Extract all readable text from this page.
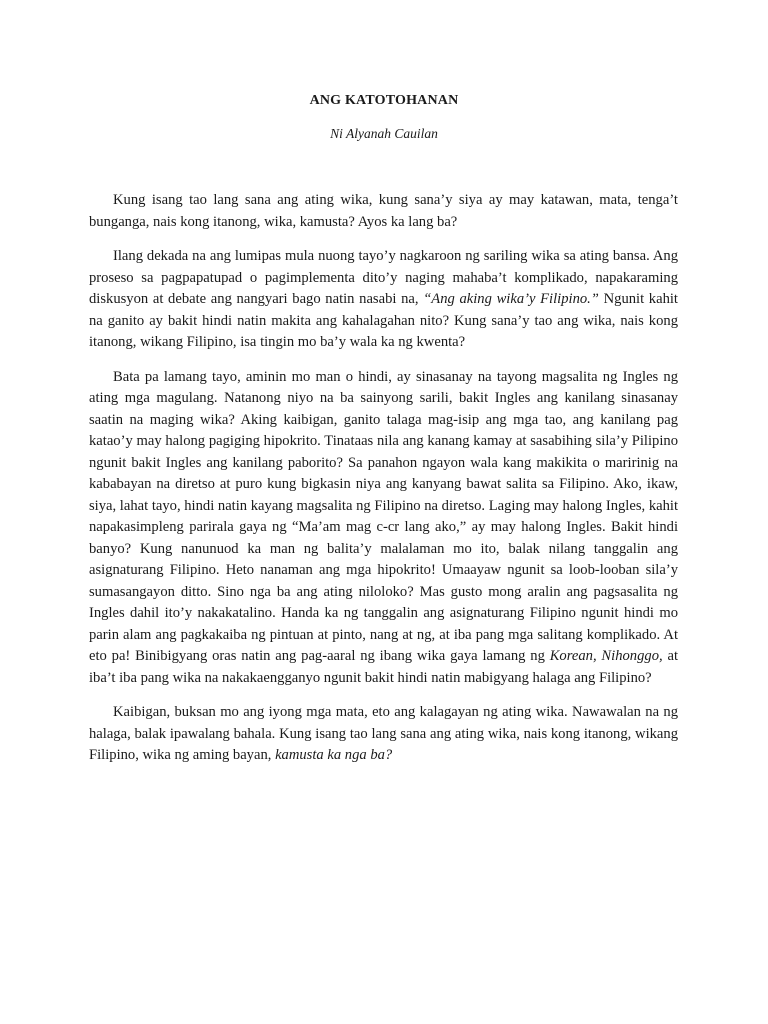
ANG KATOTOHANAN

Ni Alyanah Cauilan

Kung isang tao lang sana ang ating wika, kung sana’y siya ay may katawan, mata, tenga’t bunganga, nais kong itanong, wika, kamusta? Ayos ka lang ba?

Ilang dekada na ang lumipas mula nuong tayo’y nagkaroon ng sariling wika sa ating bansa. Ang proseso sa pagpapatupad o pagimplementa dito’y naging mahaba’t komplikado, napakaraming diskusyon at debate ang nangyari bago natin nasabi na, “Ang aking wika’y Filipino.” Ngunit kahit na ganito ay bakit hindi natin makita ang kahalagahan nito? Kung sana’y tao ang wika, nais kong itanong, wikang Filipino, isa tingin mo ba’y wala ka ng kwenta?

Bata pa lamang tayo, aminin mo man o hindi, ay sinasanay na tayong magsalita ng Ingles ng ating mga magulang. Natanong niyo na ba sainyong sarili, bakit Ingles ang kanilang sinasanay saatin na maging wika? Aking kaibigan, ganito talaga mag-isip ang mga tao, ang kanilang pag katao’y may halong pagiging hipokrito. Tinataas nila ang kanang kamay at sasabihing sila’y Pilipino ngunit bakit Ingles ang kanilang paborito? Sa panahon ngayon wala kang makikita o maririnig na kababayan na diretso at puro kung bigkasin niya ang kanyang bawat salita sa Filipino. Ako, ikaw, siya, lahat tayo, hindi natin kayang magsalita ng Filipino na diretso. Laging may halong Ingles, kahit napakasimpleng parirala gaya ng “Ma’am mag c-cr lang ako,” ay may halong Ingles. Bakit hindi banyo? Kung nanunuod ka man ng balita’y malalaman mo ito, balak nilang tanggalin ang asignaturang Filipino. Heto nanaman ang mga hipokrito! Umaayaw ngunit sa loob-looban sila’y sumasangayon ditto. Sino nga ba ang ating niloloko? Mas gusto mong aralin ang pagsasalita ng Ingles dahil ito’y nakakatalino. Handa ka ng tanggalin ang asignaturang Filipino ngunit hindi mo parin alam ang pagkakaiba ng pintuan at pinto, nang at ng, at iba pang mga salitang komplikado. At eto pa! Binibigyang oras natin ang pag-aaral ng ibang wika gaya lamang ng Korean, Nihonggo, at iba’t iba pang wika na nakakaengganyo ngunit bakit hindi natin mabigyang halaga ang Filipino?

Kaibigan, buksan mo ang iyong mga mata, eto ang kalagayan ng ating wika. Nawawalan na ng halaga, balak ipawalang bahala. Kung isang tao lang sana ang ating wika, nais kong itanong, wikang Filipino, wika ng aming bayan, kamusta ka nga ba?
